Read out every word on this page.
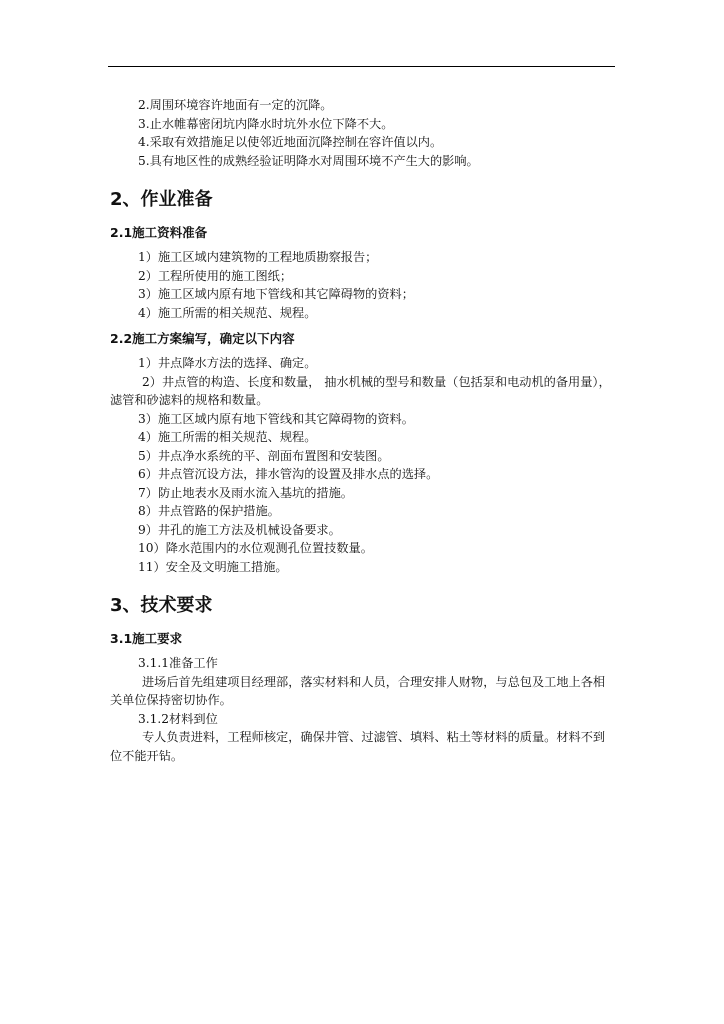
2.周围环境容许地面有一定的沉降。
3.止水帷幕密闭坑内降水时坑外水位下降不大。
4.采取有效措施足以使邻近地面沉降控制在容许值以内。
5.具有地区性的成熟经验证明降水对周围环境不产生大的影响。
2、作业准备
2.1施工资料准备
1）施工区域内建筑物的工程地质勘察报告；
2）工程所使用的施工图纸；
3）施工区域内原有地下管线和其它障碍物的资料；
4）施工所需的相关规范、规程。
2.2施工方案编写，确定以下内容
1）井点降水方法的选择、确定。
2）井点管的构造、长度和数量， 抽水机械的型号和数量（包括泵和电动机的备用量），滤管和砂滤料的规格和数量。
3）施工区域内原有地下管线和其它障碍物的资料。
4）施工所需的相关规范、规程。
5）井点净水系统的平、剖面布置图和安装图。
6）井点管沉设方法，排水管沟的设置及排水点的选择。
7）防止地表水及雨水流入基坑的措施。
8）井点管路的保护措施。
9）井孔的施工方法及机械设备要求。
10）降水范围内的水位观测孔位置技数量。
11）安全及文明施工措施。
3、技术要求
3.1施工要求
3.1.1准备工作
进场后首先组建项目经理部，落实材料和人员，合理安排人财物，与总包及工地上各相关单位保持密切协作。
3.1.2材料到位
专人负责进料，工程师核定，确保井管、过滤管、填料、粘土等材料的质量。材料不到位不能开钻。
